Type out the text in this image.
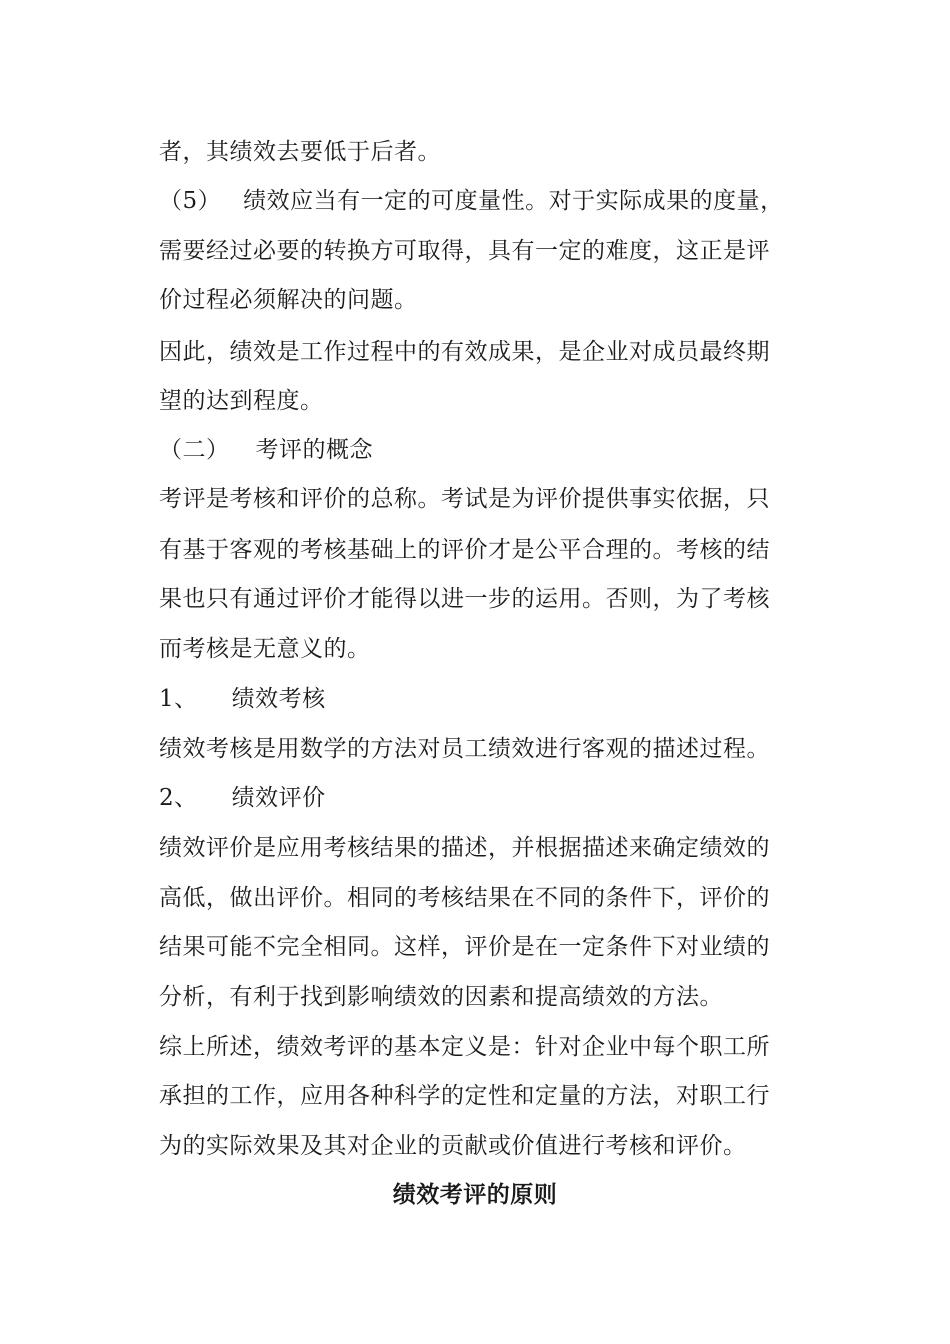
者，其绩效去要低于后者。
（5） 绩效应当有一定的可度量性。对于实际成果的度量，
需要经过必要的转换方可取得，具有一定的难度，这正是评
价过程必须解决的问题。
因此，绩效是工作过程中的有效成果，是企业对成员最终期
望的达到程度。
（二） 考评的概念
考评是考核和评价的总称。考试是为评价提供事实依据，只
有基于客观的考核基础上的评价才是公平合理的。考核的结
果也只有通过评价才能得以进一步的运用。否则，为了考核
而考核是无意义的。
1、 绩效考核
绩效考核是用数学的方法对员工绩效进行客观的描述过程。
2、 绩效评价
绩效评价是应用考核结果的描述，并根据描述来确定绩效的
高低，做出评价。相同的考核结果在不同的条件下，评价的
结果可能不完全相同。这样，评价是在一定条件下对业绩的
分析，有利于找到影响绩效的因素和提高绩效的方法。
综上所述，绩效考评的基本定义是：针对企业中每个职工所
承担的工作，应用各种科学的定性和定量的方法，对职工行
为的实际效果及其对企业的贡献或价值进行考核和评价。
绩效考评的原则
